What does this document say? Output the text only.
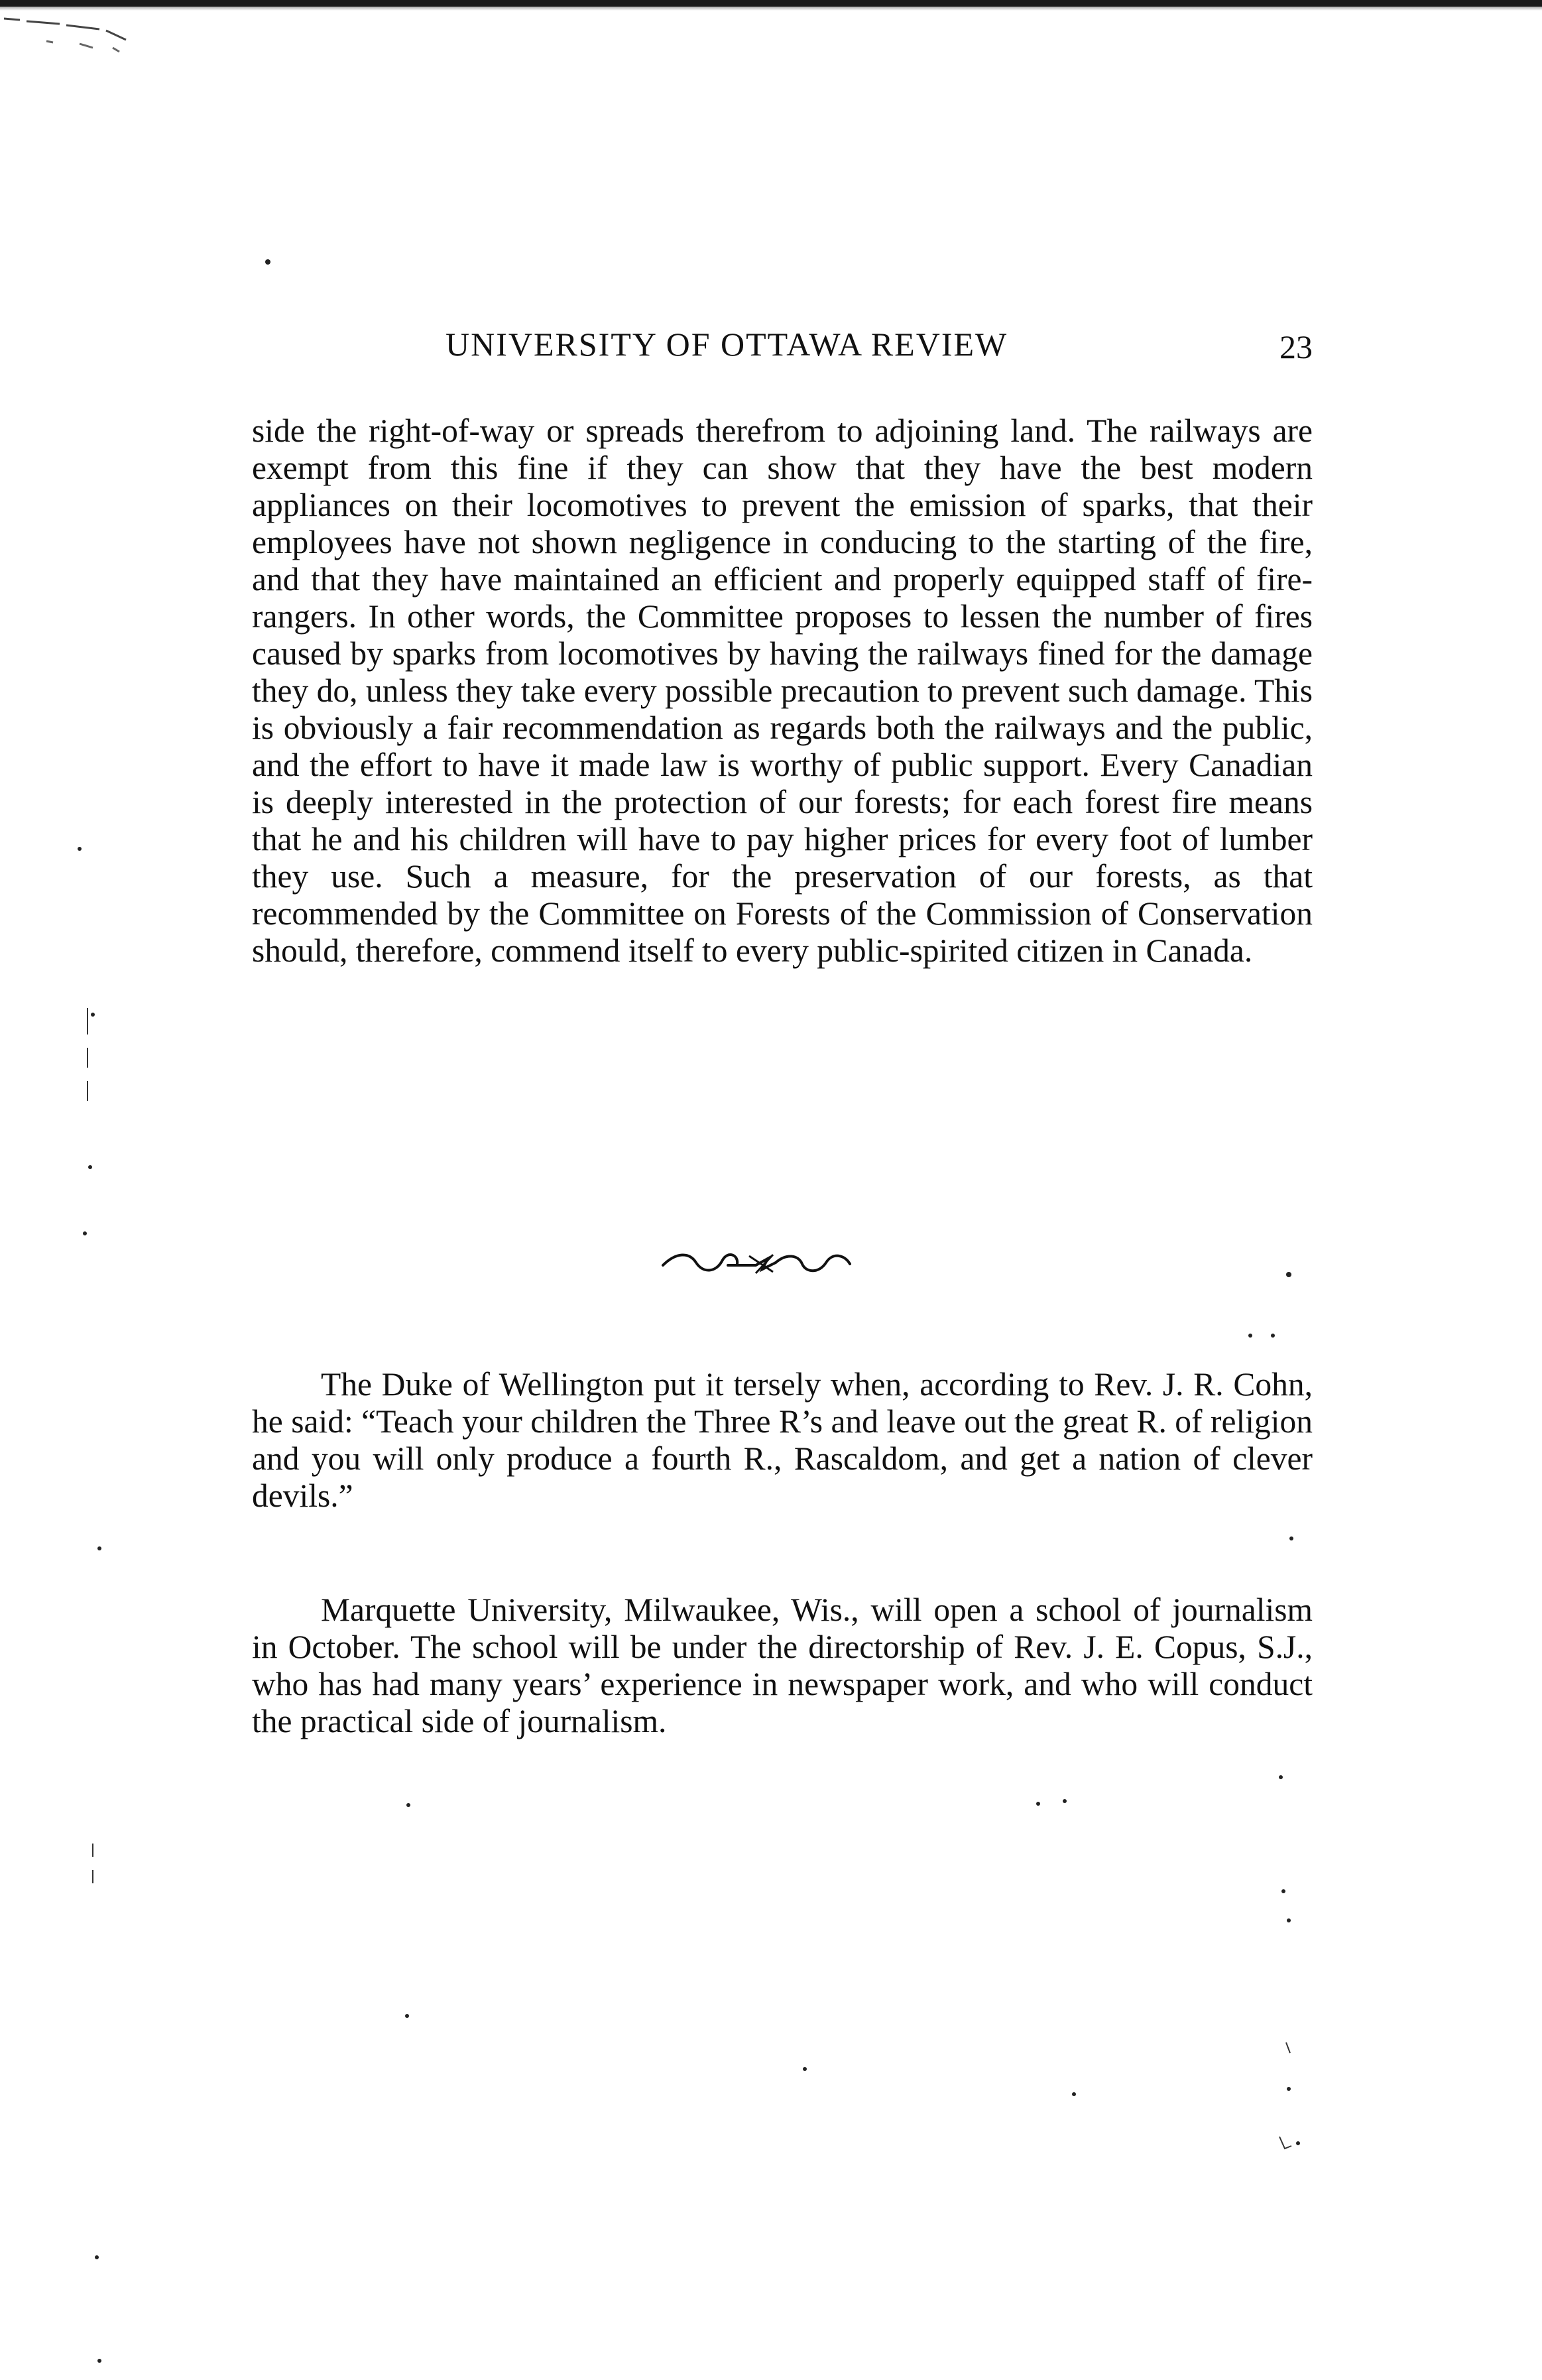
UNIVERSITY OF OTTAWA REVIEW	23

side the right-of-way or spreads therefrom to adjoining land. The railways are exempt from this fine if they can show that they have the best modern appliances on their locomotives to prevent the emission of sparks, that their employees have not shown negligence in conducing to the starting of the fire, and that they have maintained an efficient and properly equipped staff of fire-rangers. In other words, the Committee proposes to lessen the number of fires caused by sparks from locomotives by having the railways fined for the damage they do, unless they take every possible precaution to prevent such damage. This is obviously a fair recommendation as regards both the railways and the public, and the effort to have it made law is worthy of public support. Every Canadian is deeply interested in the protection of our forests; for each forest fire means that he and his children will have to pay higher prices for every foot of lumber they use. Such a measure, for the preservation of our forests, as that recommended by the Committee on Forests of the Commission of Conservation should, therefore, commend itself to every public-spirited citizen in Canada.

The Duke of Wellington put it tersely when, according to Rev. J. R. Cohn, he said: “Teach your children the Three R’s and leave out the great R. of religion and you will only produce a fourth R., Rascaldom, and get a nation of clever devils.”

Marquette University, Milwaukee, Wis., will open a school of journalism in October. The school will be under the directorship of Rev. J. E. Copus, S.J., who has had many years’ experience in newspaper work, and who will conduct the practical side of journalism.
